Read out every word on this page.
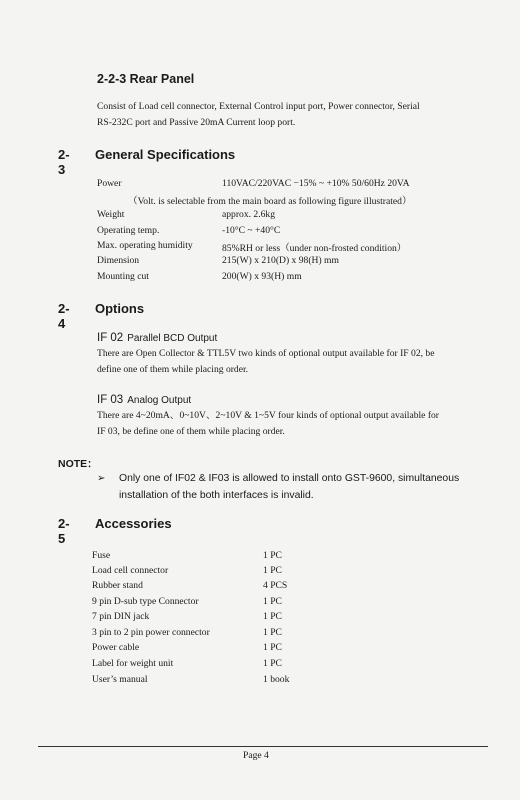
2-2-3 Rear Panel
Consist of Load cell connector, External Control input port, Power connector, Serial
RS-232C port and Passive 20mA Current loop port.
2-3
General Specifications
Power	110VAC/220VAC −15% ~ +10% 50/60Hz 20VA
（Volt. is selectable from the main board as following figure illustrated）
Weight	approx. 2.6kg
Operating temp.	-10°C ~ +40°C
Max. operating humidity	85%RH or less（under non-frosted condition）
Dimension	215(W) x 210(D) x 98(H) mm
Mounting cut	200(W) x 93(H) mm
2-4
Options
IF 02 Parallel BCD Output
There are Open Collector & TTL5V two kinds of optional output available for IF 02, be
define one of them while placing order.
IF 03 Analog Output
There are 4~20mA、0~10V、2~10V & 1~5V four kinds of optional output available for
IF 03, be define one of them while placing order.
NOTE：
➢ Only one of IF02 & IF03 is allowed to install onto GST-9600, simultaneous installation of the both interfaces is invalid.
2-5
Accessories
Fuse	1 PC
Load cell connector	1 PC
Rubber stand	4 PCS
9 pin D-sub type Connector	1 PC
7 pin DIN jack	1 PC
3 pin to 2 pin power connector	1 PC
Power cable	1 PC
Label for weight unit	1 PC
User’s manual	1 book
Page 4
